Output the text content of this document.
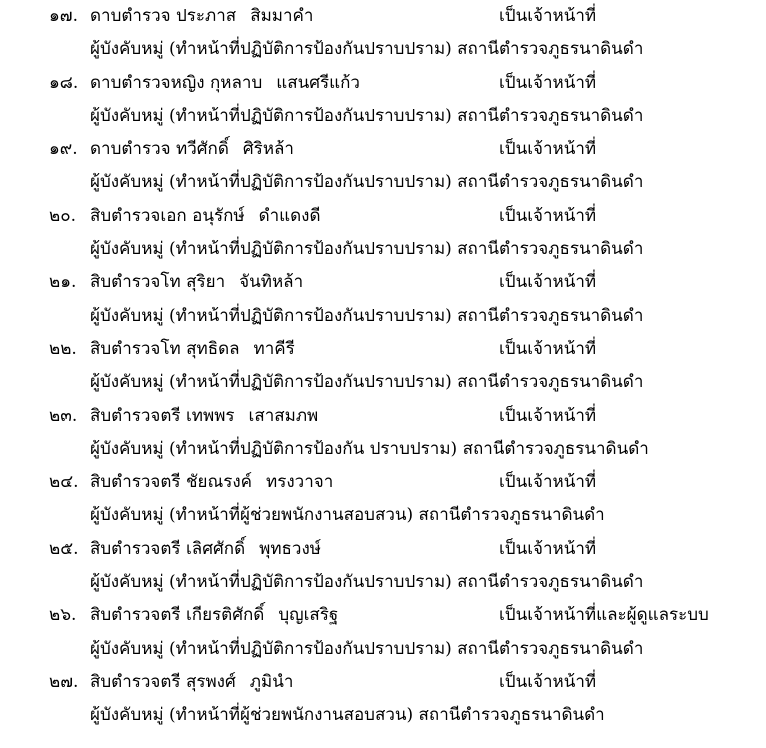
๑๗. ดาบตำรวจ ประภาส สิมมาคำ	เป็นเจ้าหน้าที่
ผู้บังคับหมู่ (ทำหน้าที่ปฏิบัติการป้องกันปราบปราม) สถานีตำรวจภูธรนาดินดำ
๑๘. ดาบตำรวจหญิง กุหลาบ แสนศรีแก้ว	เป็นเจ้าหน้าที่
ผู้บังคับหมู่ (ทำหน้าที่ปฏิบัติการป้องกันปราบปราม) สถานีตำรวจภูธรนาดินดำ
๑๙. ดาบตำรวจ ทวีศักดิ์ ศิริหล้า	เป็นเจ้าหน้าที่
ผู้บังคับหมู่ (ทำหน้าที่ปฏิบัติการป้องกันปราบปราม) สถานีตำรวจภูธรนาดินดำ
๒๐. สิบตำรวจเอก อนุรักษ์ ดำแดงดี	เป็นเจ้าหน้าที่
ผู้บังคับหมู่ (ทำหน้าที่ปฏิบัติการป้องกันปราบปราม) สถานีตำรวจภูธรนาดินดำ
๒๑. สิบตำรวจโท สุริยา จันทิหล้า	เป็นเจ้าหน้าที่
ผู้บังคับหมู่ (ทำหน้าที่ปฏิบัติการป้องกันปราบปราม) สถานีตำรวจภูธรนาดินดำ
๒๒. สิบตำรวจโท สุทธิดล ทาคีรี	เป็นเจ้าหน้าที่
ผู้บังคับหมู่ (ทำหน้าที่ปฏิบัติการป้องกันปราบปราม) สถานีตำรวจภูธรนาดินดำ
๒๓. สิบตำรวจตรี เทพพร เสาสมภพ	เป็นเจ้าหน้าที่
ผู้บังคับหมู่ (ทำหน้าที่ปฏิบัติการป้องกัน ปราบปราม) สถานีตำรวจภูธรนาดินดำ
๒๔. สิบตำรวจตรี ชัยณรงค์ ทรงวาจา	เป็นเจ้าหน้าที่
ผู้บังคับหมู่ (ทำหน้าที่ผู้ช่วยพนักงานสอบสวน) สถานีตำรวจภูธรนาดินดำ
๒๕. สิบตำรวจตรี เลิศศักดิ์ พุทธวงษ์	เป็นเจ้าหน้าที่
ผู้บังคับหมู่ (ทำหน้าที่ปฏิบัติการป้องกันปราบปราม) สถานีตำรวจภูธรนาดินดำ
๒๖. สิบตำรวจตรี เกียรติศักดิ์ บุญเสริฐ	เป็นเจ้าหน้าที่และผู้ดูแลระบบ
ผู้บังคับหมู่ (ทำหน้าที่ปฏิบัติการป้องกันปราบปราม) สถานีตำรวจภูธรนาดินดำ
๒๗. สิบตำรวจตรี สุรพงศ์ ภูมินำ	เป็นเจ้าหน้าที่
ผู้บังคับหมู่ (ทำหน้าที่ผู้ช่วยพนักงานสอบสวน) สถานีตำรวจภูธรนาดินดำ
